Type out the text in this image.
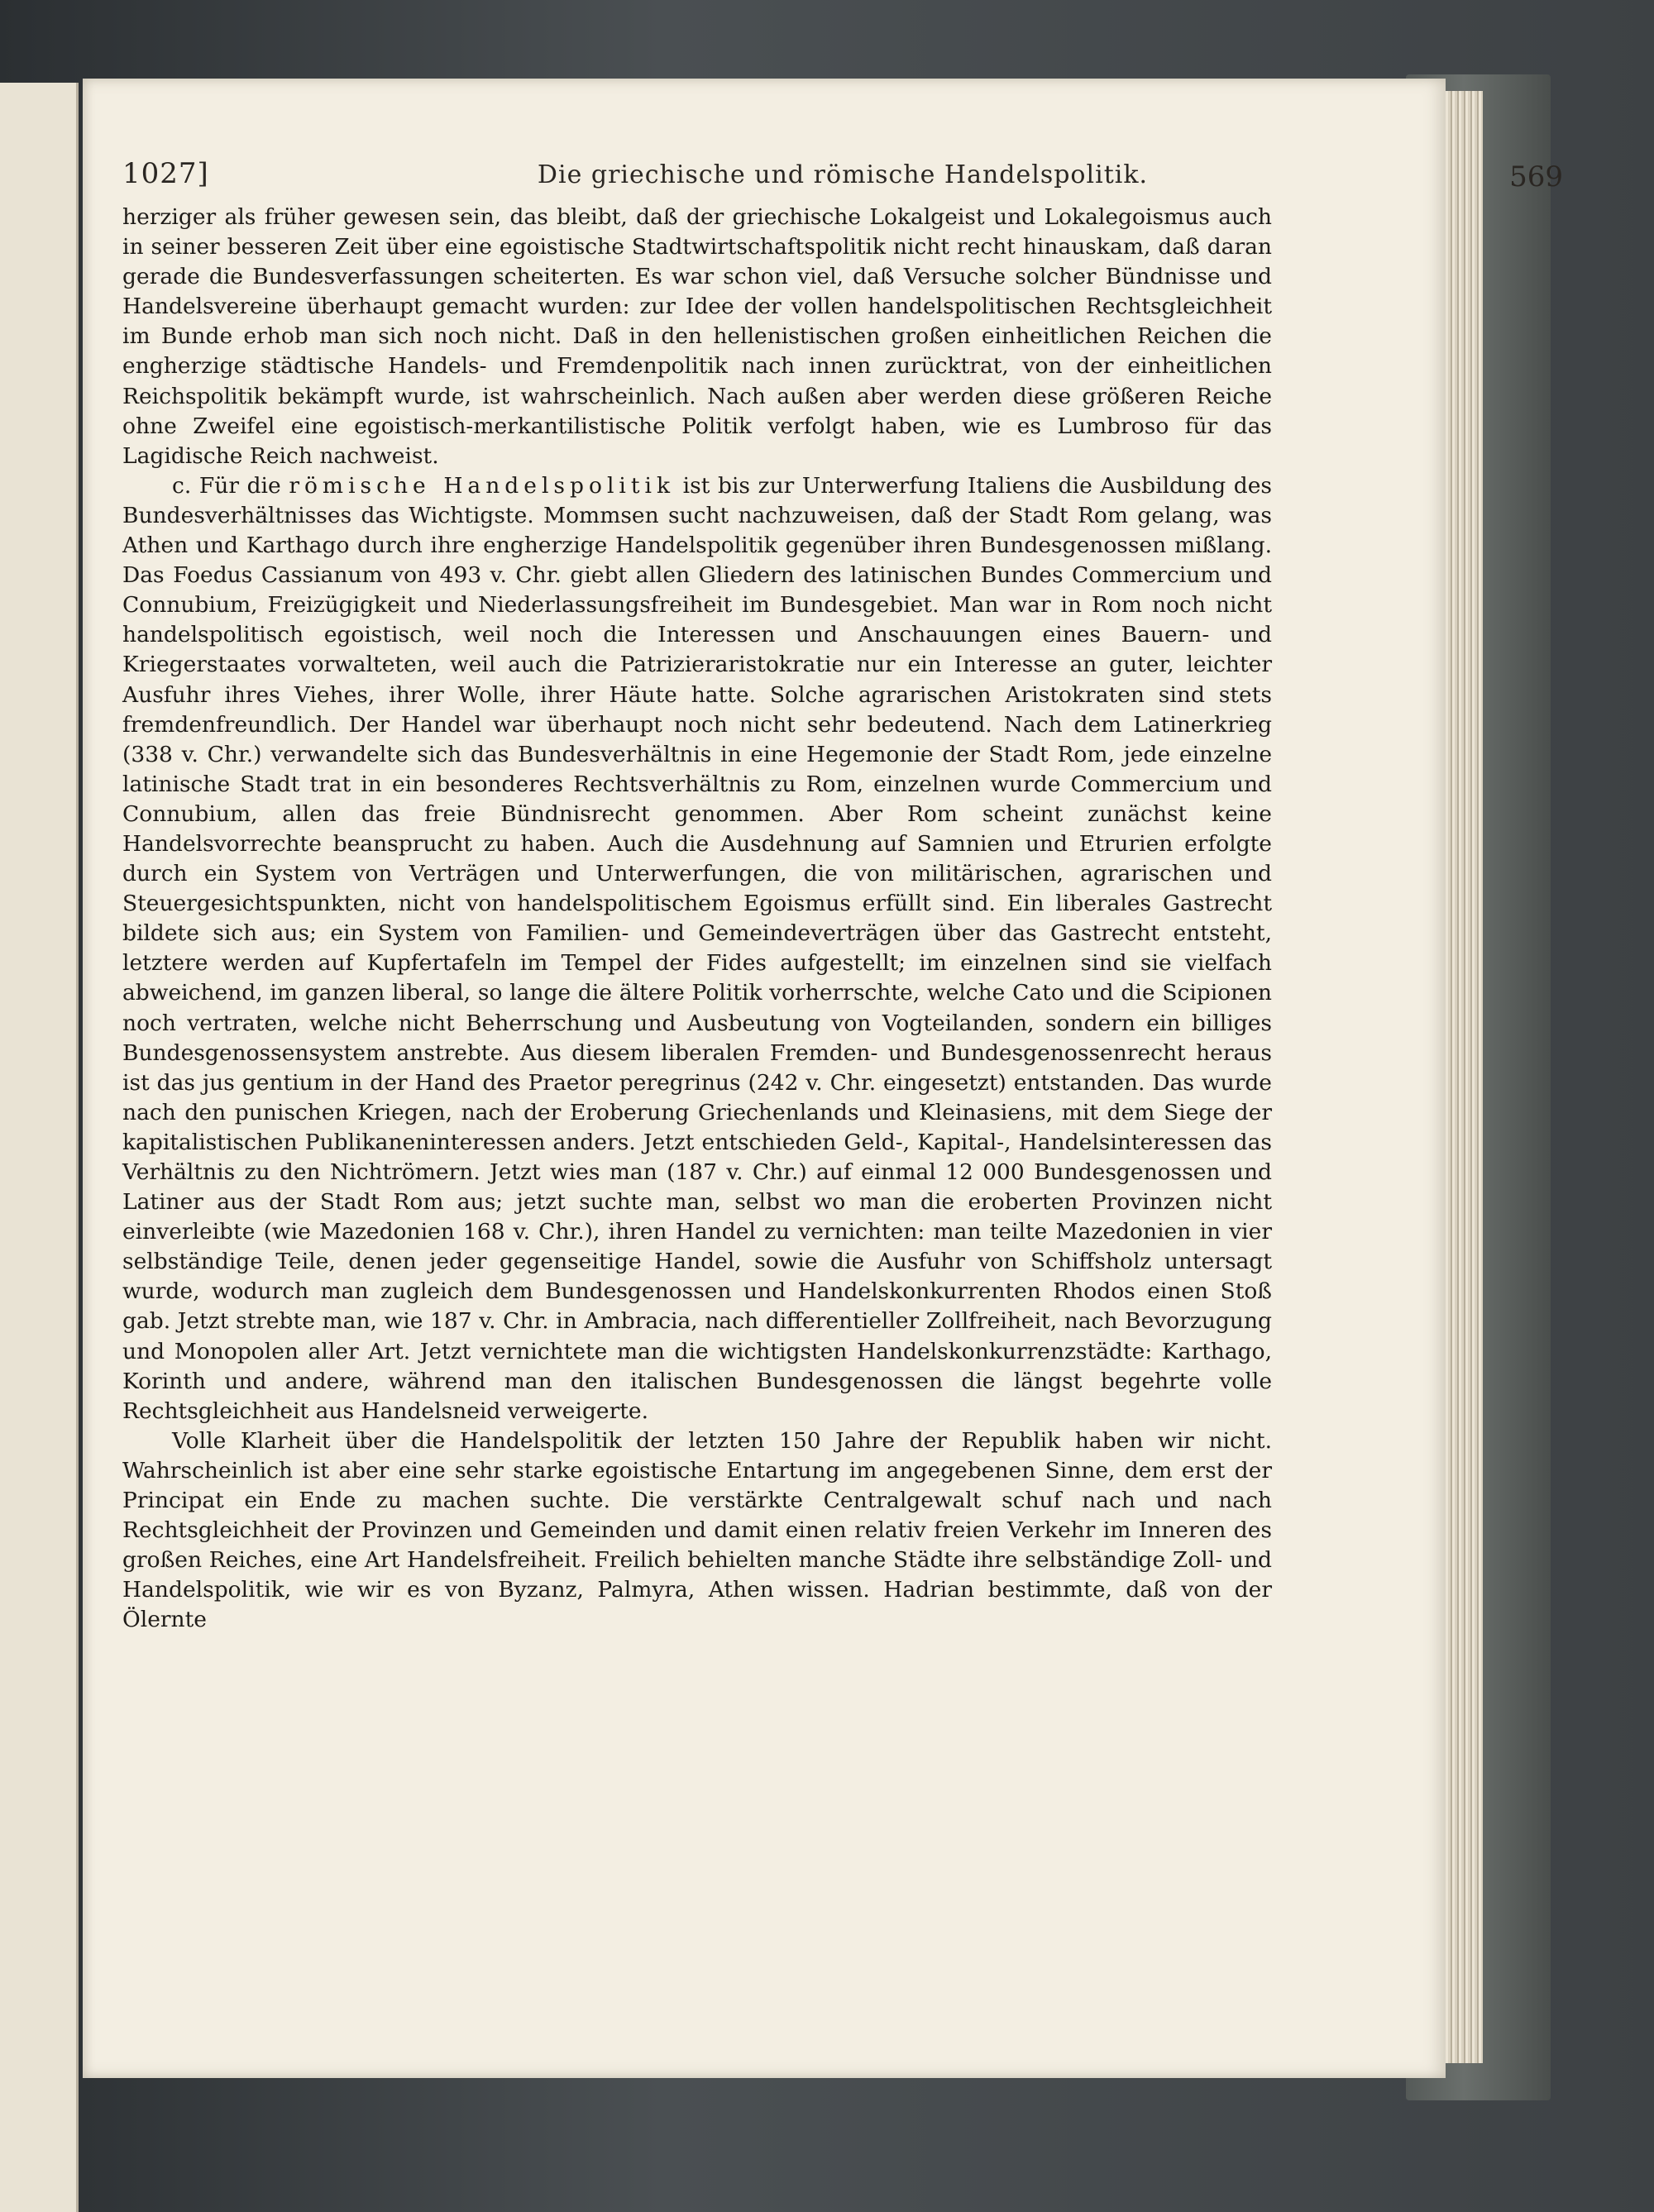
1027]	Die griechische und römische Handelspolitik.	569

herziger als früher gewesen sein, das bleibt, daß der griechische Lokalgeist und Lokalegoismus auch in seiner besseren Zeit über eine egoistische Stadtwirtschaftspolitik nicht recht hinauskam, daß daran gerade die Bundesverfassungen scheiterten. Es war schon viel, daß Versuche solcher Bündnisse und Handelsvereine überhaupt gemacht wurden: zur Idee der vollen handelspolitischen Rechtsgleichheit im Bunde erhob man sich noch nicht. Daß in den hellenistischen großen einheitlichen Reichen die engherzige städtische Handels- und Fremdenpolitik nach innen zurücktrat, von der einheitlichen Reichspolitik bekämpft wurde, ist wahrscheinlich. Nach außen aber werden diese größeren Reiche ohne Zweifel eine egoistisch-merkantilistische Politik verfolgt haben, wie es Lumbroso für das Lagidische Reich nachweist.

c. Für die römische Handelspolitik ist bis zur Unterwerfung Italiens die Ausbildung des Bundesverhältnisses das Wichtigste. Mommsen sucht nachzuweisen, daß der Stadt Rom gelang, was Athen und Karthago durch ihre engherzige Handelspolitik gegenüber ihren Bundesgenossen mißlang. Das Foedus Cassianum von 493 v. Chr. giebt allen Gliedern des latinischen Bundes Commercium und Connubium, Freizügigkeit und Niederlassungsfreiheit im Bundesgebiet. Man war in Rom noch nicht handelspolitisch egoistisch, weil noch die Interessen und Anschauungen eines Bauern- und Kriegerstaates vorwalteten, weil auch die Patrizieraristokratie nur ein Interesse an guter, leichter Ausfuhr ihres Viehes, ihrer Wolle, ihrer Häute hatte. Solche agrarischen Aristokraten sind stets fremdenfreundlich. Der Handel war überhaupt noch nicht sehr bedeutend. Nach dem Latinerkrieg (338 v. Chr.) verwandelte sich das Bundesverhältnis in eine Hegemonie der Stadt Rom, jede einzelne latinische Stadt trat in ein besonderes Rechtsverhältnis zu Rom, einzelnen wurde Commercium und Connubium, allen das freie Bündnisrecht genommen. Aber Rom scheint zunächst keine Handelsvorrechte beansprucht zu haben. Auch die Ausdehnung auf Samnien und Etrurien erfolgte durch ein System von Verträgen und Unterwerfungen, die von militärischen, agrarischen und Steuergesichtspunkten, nicht von handelspolitischem Egoismus erfüllt sind. Ein liberales Gastrecht bildete sich aus; ein System von Familien- und Gemeindeverträgen über das Gastrecht entsteht, letztere werden auf Kupfertafeln im Tempel der Fides aufgestellt; im einzelnen sind sie vielfach abweichend, im ganzen liberal, so lange die ältere Politik vorherrschte, welche Cato und die Scipionen noch vertraten, welche nicht Beherrschung und Ausbeutung von Vogteilanden, sondern ein billiges Bundesgenossensystem anstrebte. Aus diesem liberalen Fremden- und Bundesgenossenrecht heraus ist das jus gentium in der Hand des Praetor peregrinus (242 v. Chr. eingesetzt) entstanden. Das wurde nach den punischen Kriegen, nach der Eroberung Griechenlands und Kleinasiens, mit dem Siege der kapitalistischen Publikaneninteressen anders. Jetzt entschieden Geld-, Kapital-, Handelsinteressen das Verhältnis zu den Nichtrömern. Jetzt wies man (187 v. Chr.) auf einmal 12 000 Bundesgenossen und Latiner aus der Stadt Rom aus; jetzt suchte man, selbst wo man die eroberten Provinzen nicht einverleibte (wie Mazedonien 168 v. Chr.), ihren Handel zu vernichten: man teilte Mazedonien in vier selbständige Teile, denen jeder gegenseitige Handel, sowie die Ausfuhr von Schiffsholz untersagt wurde, wodurch man zugleich dem Bundesgenossen und Handelskonkurrenten Rhodos einen Stoß gab. Jetzt strebte man, wie 187 v. Chr. in Ambracia, nach differentieller Zollfreiheit, nach Bevorzugung und Monopolen aller Art. Jetzt vernichtete man die wichtigsten Handelskonkurrenzstädte: Karthago, Korinth und andere, während man den italischen Bundesgenossen die längst begehrte volle Rechtsgleichheit aus Handelsneid verweigerte.

Volle Klarheit über die Handelspolitik der letzten 150 Jahre der Republik haben wir nicht. Wahrscheinlich ist aber eine sehr starke egoistische Entartung im angegebenen Sinne, dem erst der Principat ein Ende zu machen suchte. Die verstärkte Centralgewalt schuf nach und nach Rechtsgleichheit der Provinzen und Gemeinden und damit einen relativ freien Verkehr im Inneren des großen Reiches, eine Art Handelsfreiheit. Freilich behielten manche Städte ihre selbständige Zoll- und Handelspolitik, wie wir es von Byzanz, Palmyra, Athen wissen. Hadrian bestimmte, daß von der Ölernte
